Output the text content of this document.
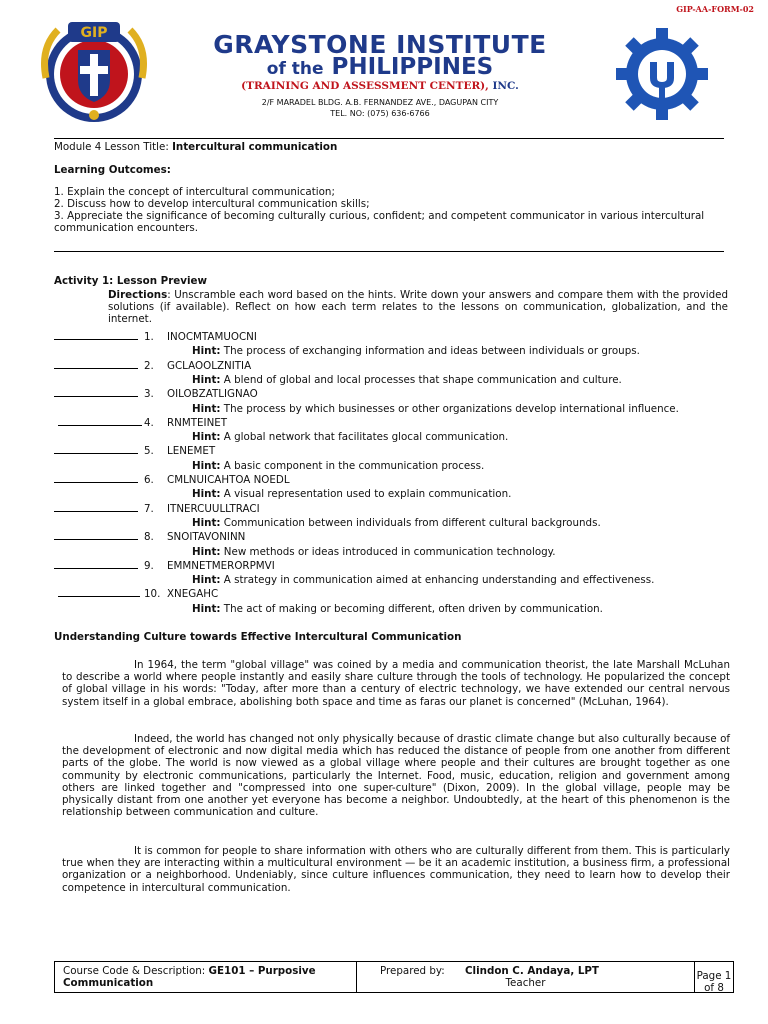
GIP-AA-FORM-02
GIP	GRAYSTONE INSTITUTE
of the PHILIPPINES
(TRAINING AND ASSESSMENT CENTER), INC.
2/F MARADEL BLDG. A.B. FERNANDEZ AVE., DAGUPAN CITY
TEL. NO: (075) 636-6766
Module 4 Lesson Title: Intercultural communication
Learning Outcomes:
1. Explain the concept of intercultural communication;
2. Discuss how to develop intercultural communication skills;
3. Appreciate the significance of becoming culturally curious, confident; and competent communicator in various intercultural communication encounters.
Activity 1: Lesson Preview
Directions: Unscramble each word based on the hints. Write down your answers and compare them with the provided solutions (if available). Reflect on how each term relates to the lessons on communication, globalization, and the internet.
1. INOCMTAMUOCNI
Hint: The process of exchanging information and ideas between individuals or groups.
2. GCLAOOLZNITIA
Hint: A blend of global and local processes that shape communication and culture.
3. OILOBZATLIGNAO
Hint: The process by which businesses or other organizations develop international influence.
4. RNMTEINET
Hint: A global network that facilitates glocal communication.
5. LENEMET
Hint: A basic component in the communication process.
6. CMLNUICAHTOA NOEDL
Hint: A visual representation used to explain communication.
7. ITNERCUULLTRACI
Hint: Communication between individuals from different cultural backgrounds.
8. SNOITAVONINN
Hint: New methods or ideas introduced in communication technology.
9. EMMNETMERORPMVI
Hint: A strategy in communication aimed at enhancing understanding and effectiveness.
10. XNEGAHC
Hint: The act of making or becoming different, often driven by communication.
Understanding Culture towards Effective Intercultural Communication
In 1964, the term "global village" was coined by a media and communication theorist, the late Marshall McLuhan to describe a world where people instantly and easily share culture through the tools of technology. He popularized the concept of global village in his words: "Today, after more than a century of electric technology, we have extended our central nervous system itself in a global embrace, abolishing both space and time as faras our planet is concerned" (McLuhan, 1964).
Indeed, the world has changed not only physically because of drastic climate change but also culturally because of the development of electronic and now digital media which has reduced the distance of people from one another from different parts of the globe. The world is now viewed as a global village where people and their cultures are brought together as one community by electronic communications, particularly the Internet. Food, music, education, religion and government among others are linked together and "compressed into one super-culture" (Dixon, 2009). In the global village, people may be physically distant from one another yet everyone has become a neighbor. Undoubtedly, at the heart of this phenomenon is the relationship between communication and culture.
It is common for people to share information with others who are culturally different from them. This is particularly true when they are interacting within a multicultural environment — be it an academic institution, a business firm, a professional organization or a neighborhood. Undeniably, since culture influences communication, they need to learn how to develop their competence in intercultural communication.
Course Code & Description: GE101 – Purposive
Communication
Prepared by: Clindon C. Andaya, LPT
Teacher
Page 1 of 8
